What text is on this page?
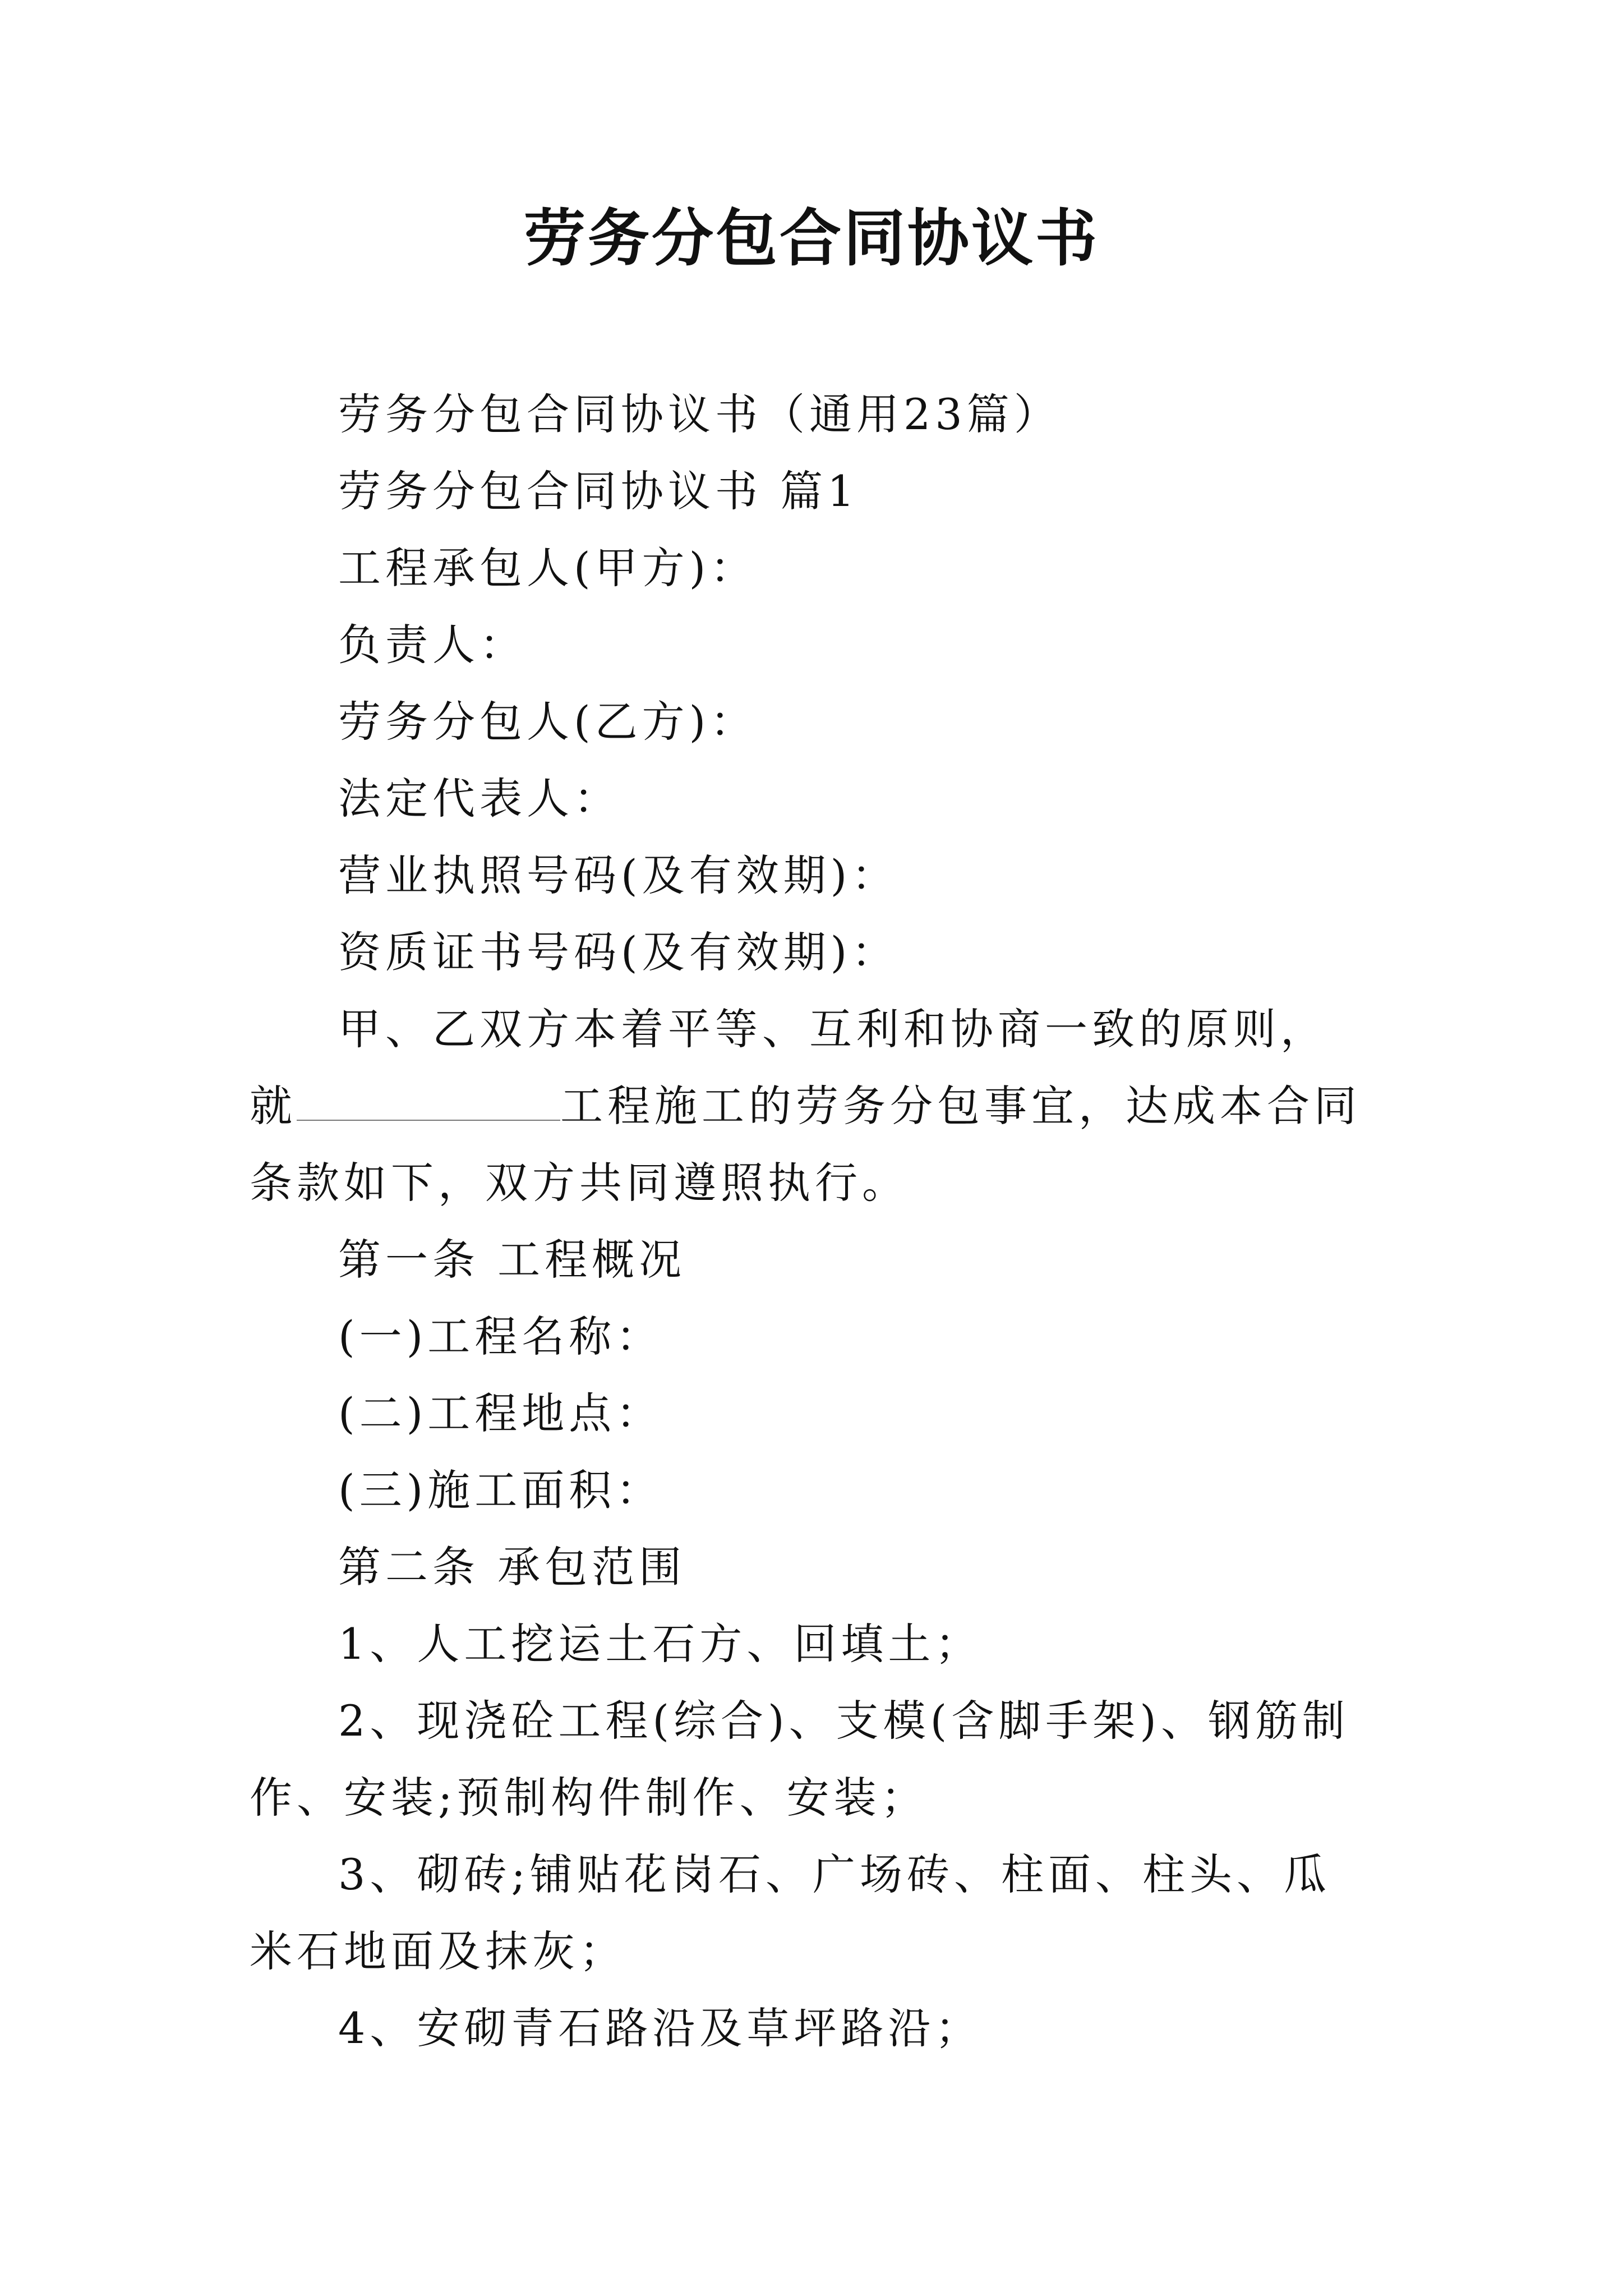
劳务分包合同协议书

劳务分包合同协议书（通用23篇）

劳务分包合同协议书 篇1

工程承包人(甲方)：

负责人：

劳务分包人(乙方)：

法定代表人：

营业执照号码(及有效期)：

资质证书号码(及有效期)：

甲、乙双方本着平等、互利和协商一致的原则，就	工程施工的劳务分包事宜，达成本合同条款如下，双方共同遵照执行。

第一条 工程概况

(一)工程名称：

(二)工程地点：

(三)施工面积：

第二条 承包范围

1、人工挖运土石方、回填土；

2、现浇砼工程(综合)、支模(含脚手架)、钢筋制作、安装;预制构件制作、安装；

3、砌砖;铺贴花岗石、广场砖、柱面、柱头、瓜米石地面及抹灰；

4、安砌青石路沿及草坪路沿；
